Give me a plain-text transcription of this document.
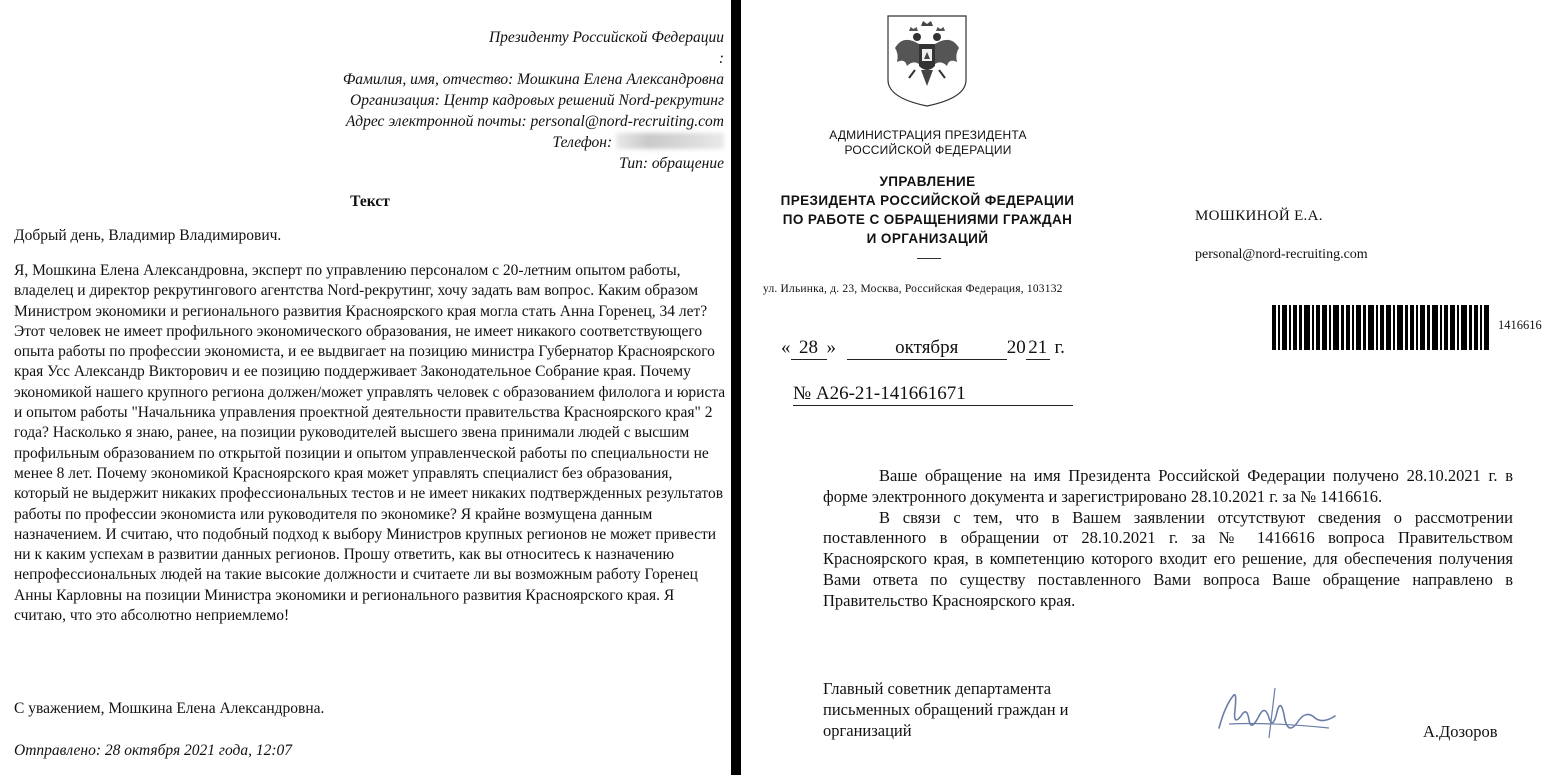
Президенту Российской Федерации
:
Фамилия, имя, отчество: Мошкина Елена Александровна
Организация: Центр кадровых решений Nord-рекрутинг
Адрес электронной почты: personal@nord-recruiting.com
Телефон:
Тип: обращение
Текст
Добрый день, Владимир Владимирович.

Я, Мошкина Елена Александровна, эксперт по управлению персоналом с 20-летним опытом работы, владелец и директор рекрутингового агентства Nord-рекрутинг, хочу задать вам вопрос. Каким образом Министром экономики и регионального развития Красноярского края могла стать Анна Горенец, 34 лет? Этот человек не имеет профильного экономического образования, не имеет никакого соответствующего опыта работы по профессии экономиста, и ее выдвигает на позицию министра Губернатор Красноярского края Усс Александр Викторович и ее позицию поддерживает Законодательное Собрание края. Почему экономикой нашего крупного региона должен/может управлять человек с образованием филолога и юриста и опытом работы "Начальника управления проектной деятельности правительства Красноярского края" 2 года? Насколько я знаю, ранее, на позиции руководителей высшего звена принимали людей с высшим профильным образованием по открытой позиции и опытом управленческой работы по специальности не менее 8 лет. Почему экономикой Красноярского края может управлять специалист без образования, который не выдержит никаких профессиональных тестов и не имеет никаких подтвержденных результатов работы по профессии экономиста или руководителя по экономике? Я крайне возмущена данным назначением. И считаю, что подобный подход к выбору Министров крупных регионов не может привести ни к каким успехам в развитии данных регионов. Прошу ответить, как вы относитесь к назначению непрофессиональных людей на такие высокие должности и считаете ли вы возможным работу Горенец Анны Карловны на позиции Министра экономики и регионального развития Красноярского края. Я считаю, что это абсолютно неприемлемо!

С уважением, Мошкина Елена Александровна.
Отправлено: 28 октября 2021 года, 12:07
АДМИНИСТРАЦИЯ ПРЕЗИДЕНТА
РОССИЙСКОЙ ФЕДЕРАЦИИ
УПРАВЛЕНИЕ
ПРЕЗИДЕНТА РОССИЙСКОЙ ФЕДЕРАЦИИ
ПО РАБОТЕ С ОБРАЩЕНИЯМИ ГРАЖДАН
И ОРГАНИЗАЦИЙ
ул. Ильинка, д. 23, Москва, Российская Федерация, 103132
МОШКИНОЙ Е.А.
personal@nord-recruiting.com
1416616
« 28 »	октября	20 21 г.
№ А26-21-141661671

Ваше обращение на имя Президента Российской Федерации получено 28.10.2021 г. в форме электронного документа и зарегистрировано 28.10.2021 г. за № 1416616.

В связи с тем, что в Вашем заявлении отсутствуют сведения о рассмотрении поставленного в обращении от 28.10.2021 г. за № 1416616 вопроса Правительством Красноярского края, в компетенцию которого входит его решение, для обеспечения получения Вами ответа по существу поставленного Вами вопроса Ваше обращение направлено в Правительство Красноярского края.

Главный советник департамента письменных обращений граждан и организаций	А.Дозоров
